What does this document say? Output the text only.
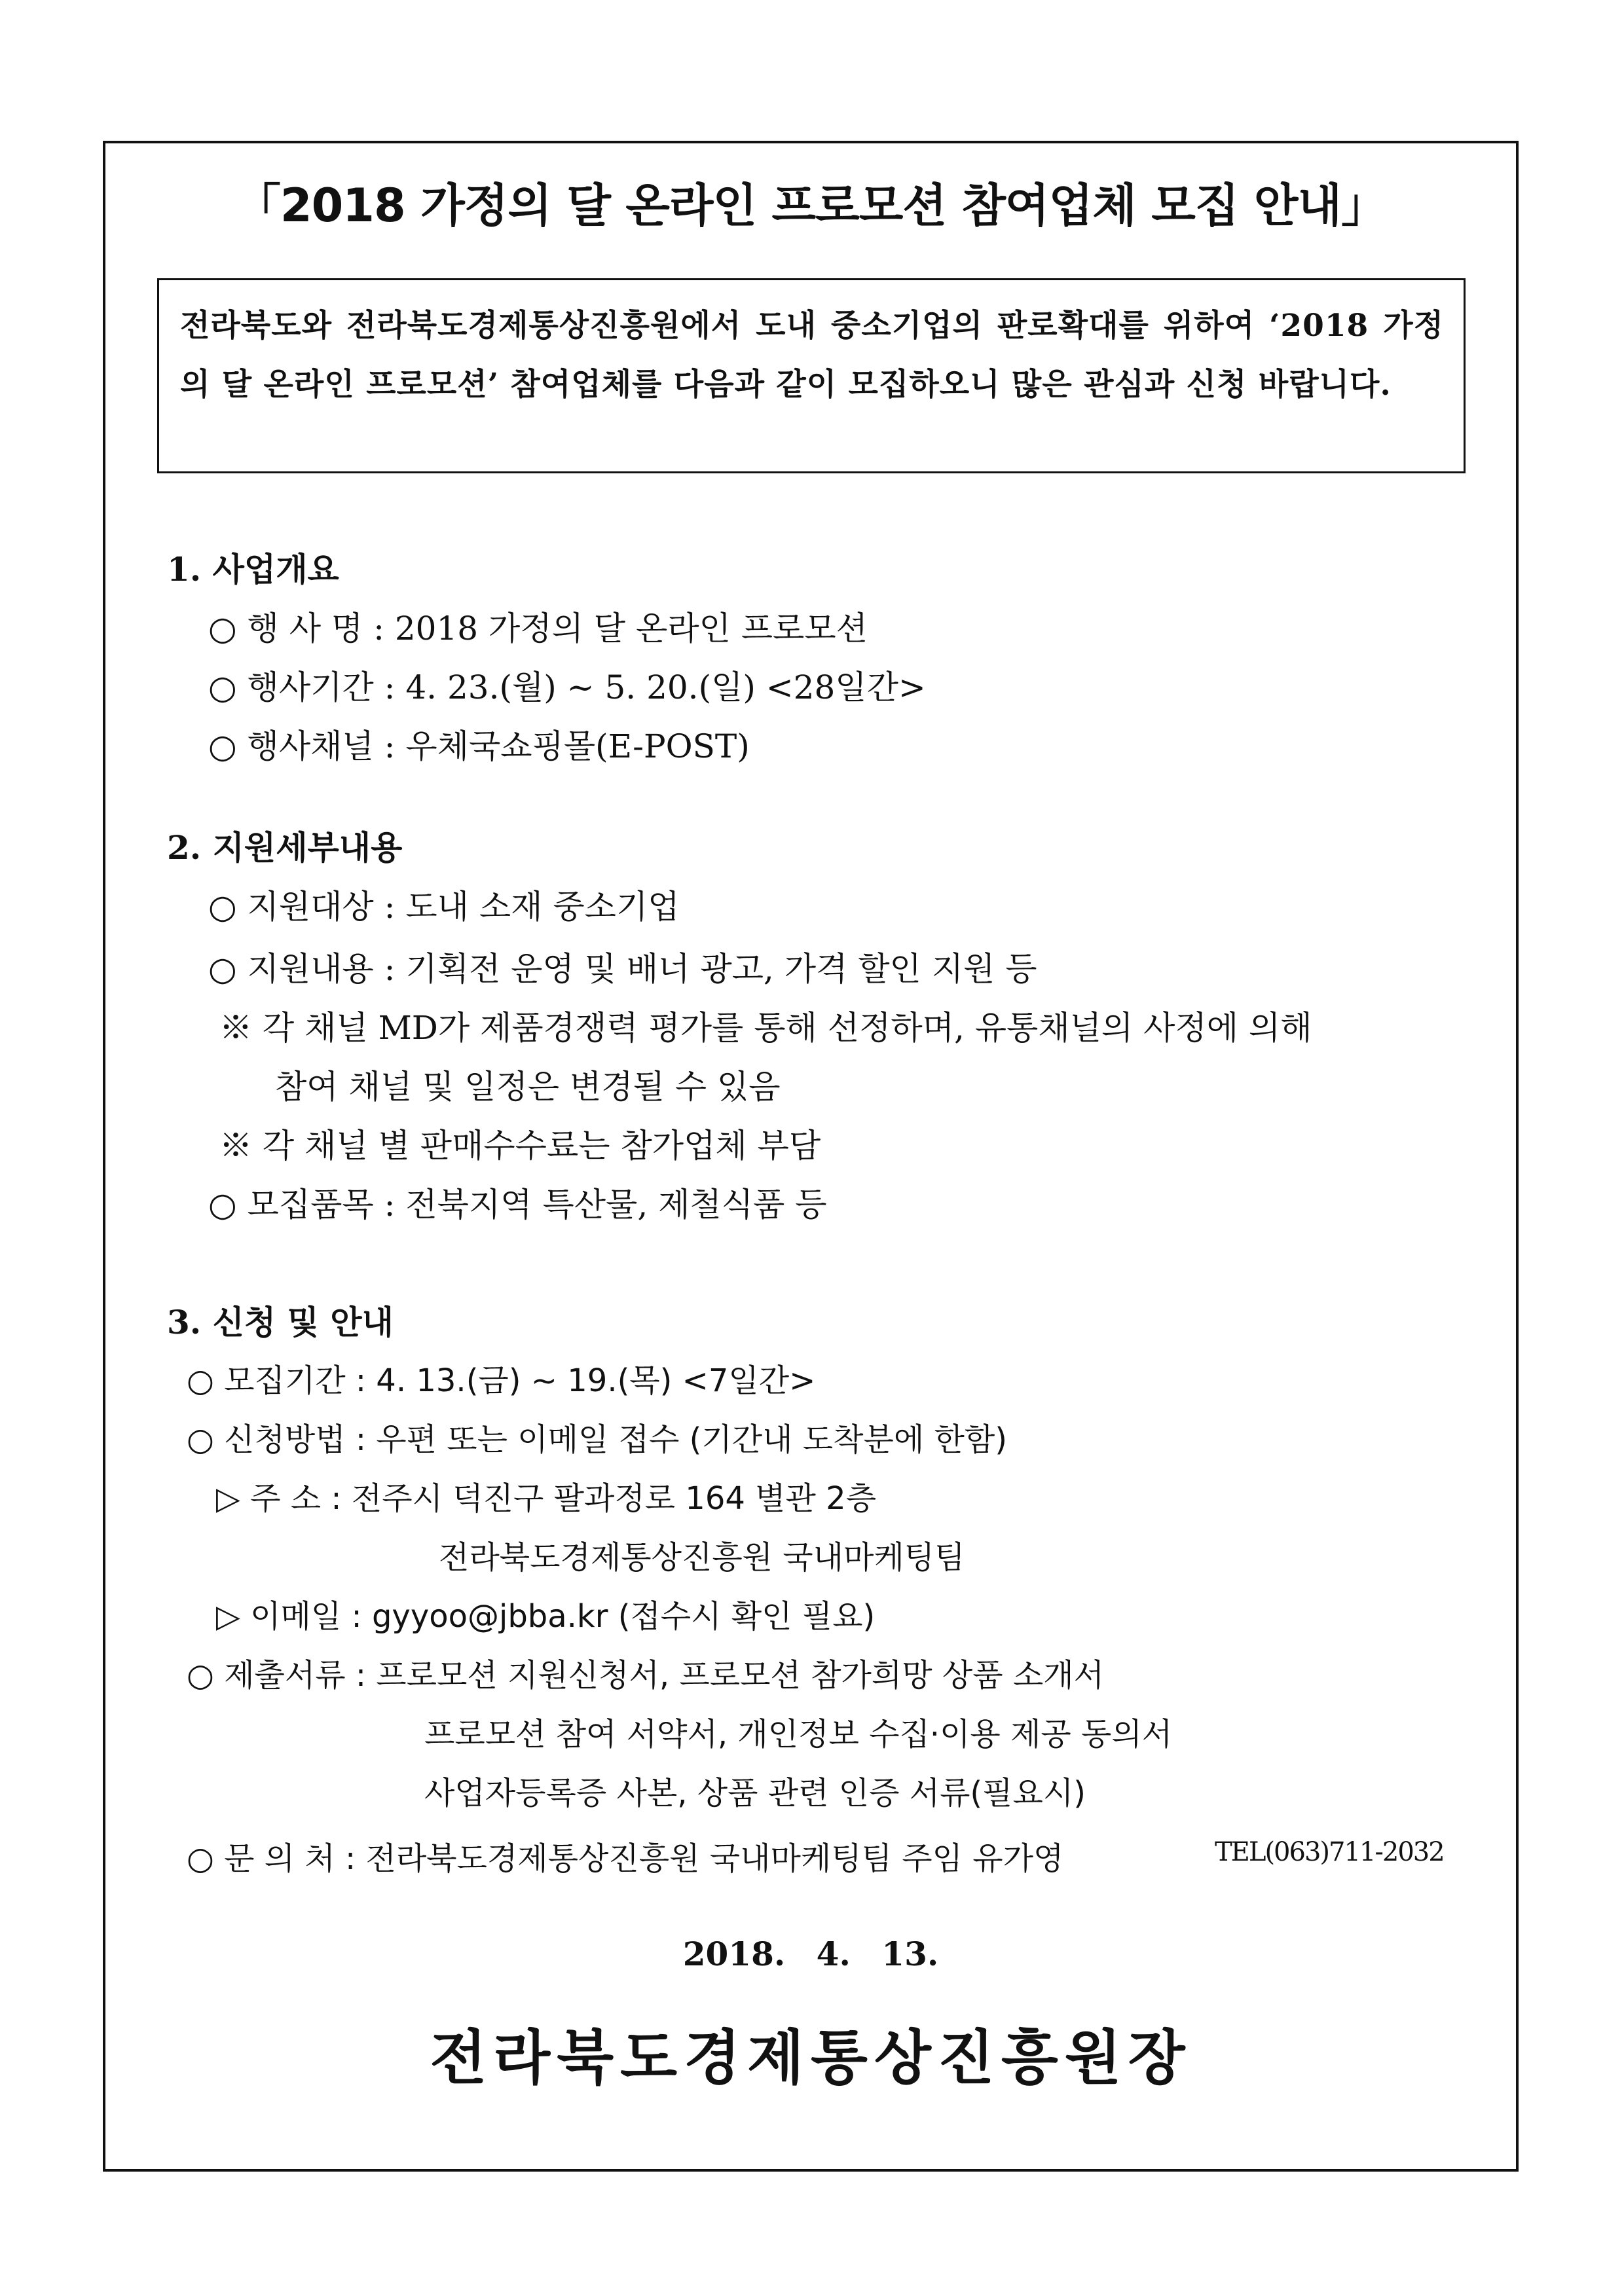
「2018 가정의 달 온라인 프로모션 참여업체 모집 안내」
전라북도와 전라북도경제통상진흥원에서 도내 중소기업의 판로확대를 위하여 ‘2018 가정의 달 온라인 프로모션’ 참여업체를 다음과 같이 모집하오니 많은 관심과 신청 바랍니다.
1. 사업개요
○ 행 사 명 : 2018 가정의 달 온라인 프로모션
○ 행사기간 : 4. 23.(월) ~ 5. 20.(일) <28일간>
○ 행사채널 : 우체국쇼핑몰(E-POST)
2. 지원세부내용
○ 지원대상 : 도내 소재 중소기업
○ 지원내용 : 기획전 운영 및 배너 광고, 가격 할인 지원 등
※ 각 채널 MD가 제품경쟁력 평가를 통해 선정하며, 유통채널의 사정에 의해
참여 채널 및 일정은 변경될 수 있음
※ 각 채널 별 판매수수료는 참가업체 부담
○ 모집품목 : 전북지역 특산물, 제철식품 등
3. 신청 및 안내
○ 모집기간 : 4. 13.(금) ~ 19.(목) <7일간>
○ 신청방법 : 우편 또는 이메일 접수 (기간내 도착분에 한함)
▷ 주 소 : 전주시 덕진구 팔과정로 164 별관 2층
전라북도경제통상진흥원 국내마케팅팀
▷ 이메일 : gyyoo@jbba.kr (접수시 확인 필요)
○ 제출서류 : 프로모션 지원신청서, 프로모션 참가희망 상품 소개서
프로모션 참여 서약서, 개인정보 수집·이용 제공 동의서
사업자등록증 사본, 상품 관련 인증 서류(필요시)
○ 문 의 처 : 전라북도경제통상진흥원 국내마케팅팀 주임 유가영	TEL(063)711-2032
2018. 4. 13.
전라북도경제통상진흥원장
